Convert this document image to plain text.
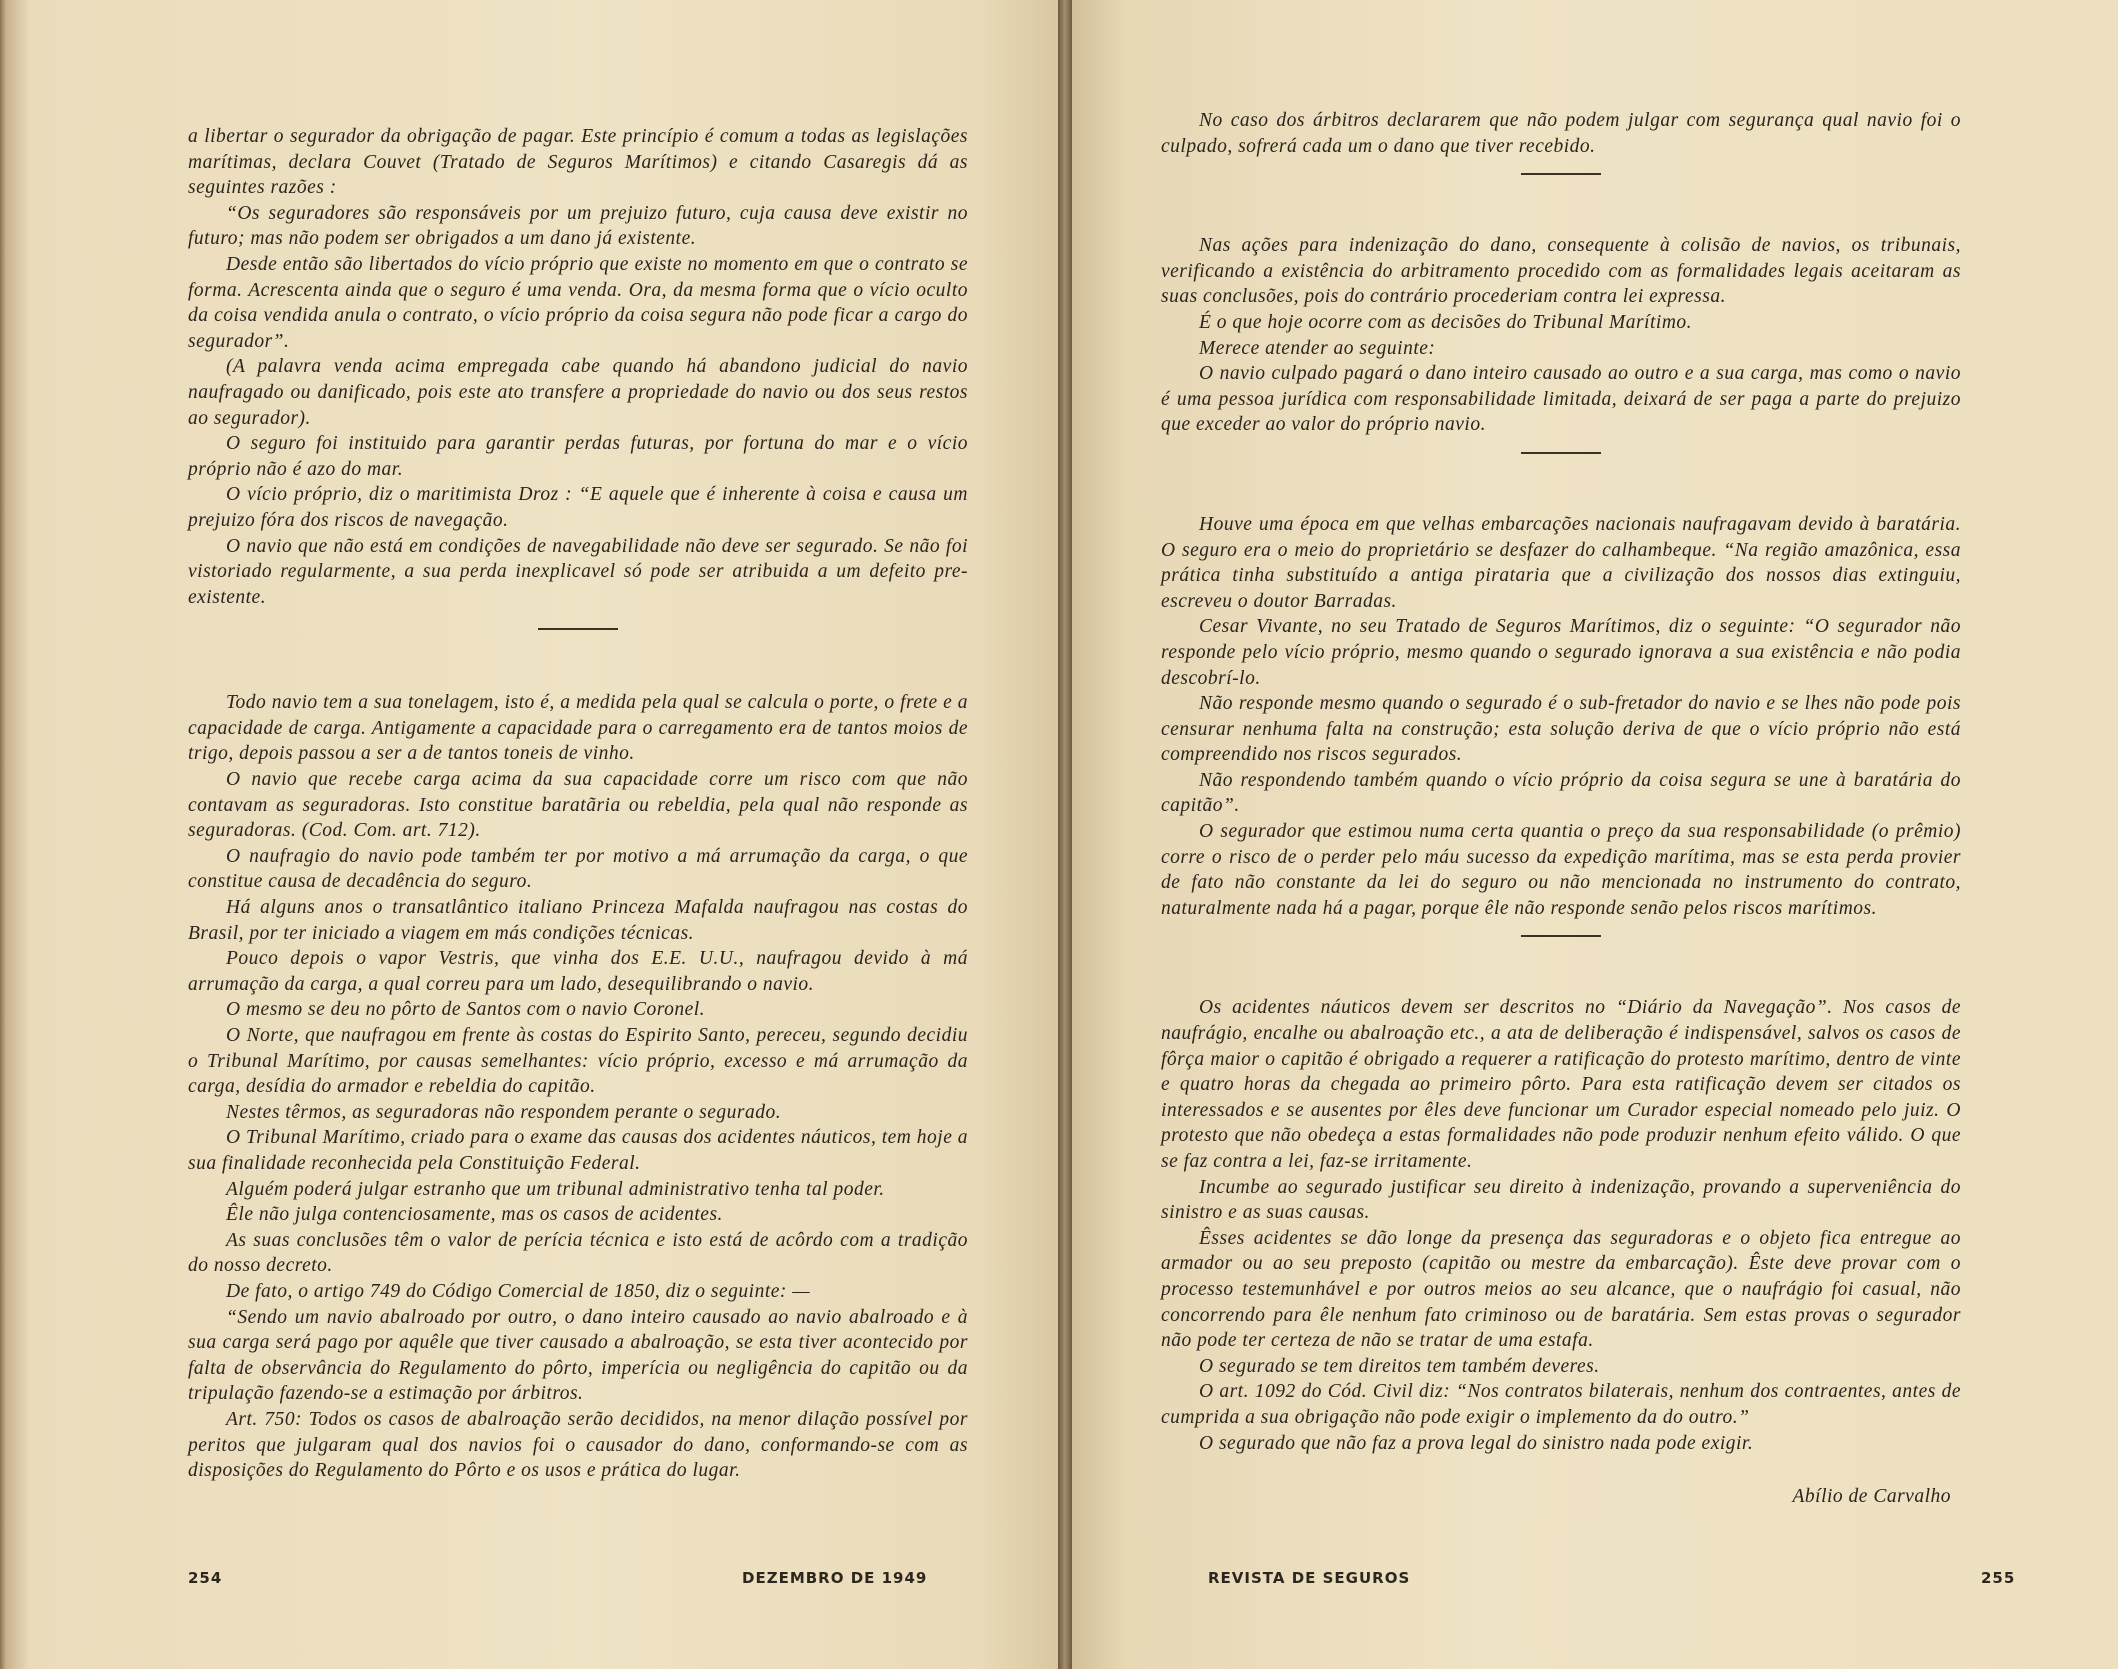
a libertar o segurador da obrigação de pagar. Este princípio é comum a todas as legislações marítimas, declara Couvet (Tratado de Seguros Marítimos) e citando Casaregis dá as seguintes razões :

“Os seguradores são responsáveis por um prejuizo futuro, cuja causa deve existir no futuro; mas não podem ser obrigados a um dano já existente.

Desde então são libertados do vício próprio que existe no momento em que o contrato se forma. Acrescenta ainda que o seguro é uma venda. Ora, da mesma forma que o vício oculto da coisa vendida anula o contrato, o vício próprio da coisa segura não pode ficar a cargo do segurador”.

(A palavra venda acima empregada cabe quando há abandono judicial do navio naufragado ou danificado, pois este ato transfere a propriedade do navio ou dos seus restos ao segurador).

O seguro foi instituido para garantir perdas futuras, por fortuna do mar e o vício próprio não é azo do mar.

O vício próprio, diz o maritimista Droz : “E aquele que é inherente à coisa e causa um prejuizo fóra dos riscos de navegação.

O navio que não está em condições de navegabilidade não deve ser segurado. Se não foi vistoriado regularmente, a sua perda inexplicavel só pode ser atribuida a um defeito pre-existente.

Todo navio tem a sua tonelagem, isto é, a medida pela qual se calcula o porte, o frete e a capacidade de carga. Antigamente a capacidade para o carregamento era de tantos moios de trigo, depois passou a ser a de tantos toneis de vinho.

O navio que recebe carga acima da sua capacidade corre um risco com que não contavam as seguradoras. Isto constitue baratãria ou rebeldia, pela qual não responde as seguradoras. (Cod. Com. art. 712).

O naufragio do navio pode também ter por motivo a má arrumação da carga, o que constitue causa de decadência do seguro.

Há alguns anos o transatlântico italiano Princeza Mafalda naufragou nas costas do Brasil, por ter iniciado a viagem em más condições técnicas.

Pouco depois o vapor Vestris, que vinha dos E.E. U.U., naufragou devido à má arrumação da carga, a qual correu para um lado, desequilibrando o navio.

O mesmo se deu no pôrto de Santos com o navio Coronel.

O Norte, que naufragou em frente às costas do Espirito Santo, pereceu, segundo decidiu o Tribunal Marítimo, por causas semelhantes: vício próprio, excesso e má arrumação da carga, desídia do armador e rebeldia do capitão.

Nestes têrmos, as seguradoras não respondem perante o segurado.

O Tribunal Marítimo, criado para o exame das causas dos acidentes náuticos, tem hoje a sua finalidade reconhecida pela Constituição Federal.

Alguém poderá julgar estranho que um tribunal administrativo tenha tal poder.

Êle não julga contenciosamente, mas os casos de acidentes.

As suas conclusões têm o valor de perícia técnica e isto está de acôrdo com a tradição do nosso decreto.

De fato, o artigo 749 do Código Comercial de 1850, diz o seguinte: —

“Sendo um navio abalroado por outro, o dano inteiro causado ao navio abalroado e à sua carga será pago por aquêle que tiver causado a abalroação, se esta tiver acontecido por falta de observância do Regulamento do pôrto, imperícia ou negligência do capitão ou da tripulação fazendo-se a estimação por árbitros.

Art. 750: Todos os casos de abalroação serão decididos, na menor dilação possível por peritos que julgaram qual dos navios foi o causador do dano, conformando-se com as disposições do Regulamento do Pôrto e os usos e prática do lugar.

254	DEZEMBRO DE 1949

No caso dos árbitros declararem que não podem julgar com segurança qual navio foi o culpado, sofrerá cada um o dano que tiver recebido.

Nas ações para indenização do dano, consequente à colisão de navios, os tribunais, verificando a existência do arbitramento procedido com as formalidades legais aceitaram as suas conclusões, pois do contrário procederiam contra lei expressa.

É o que hoje ocorre com as decisões do Tribunal Marítimo.

Merece atender ao seguinte:

O navio culpado pagará o dano inteiro causado ao outro e a sua carga, mas como o navio é uma pessoa jurídica com responsabilidade limitada, deixará de ser paga a parte do prejuizo que exceder ao valor do próprio navio.

Houve uma época em que velhas embarcações nacionais naufragavam devido à baratária. O seguro era o meio do proprietário se desfazer do calhambeque. “Na região amazônica, essa prática tinha substituído a antiga pirataria que a civilização dos nossos dias extinguiu, escreveu o doutor Barradas.

Cesar Vivante, no seu Tratado de Seguros Marítimos, diz o seguinte: “O segurador não responde pelo vício próprio, mesmo quando o segurado ignorava a sua existência e não podia descobrí-lo.

Não responde mesmo quando o segurado é o sub-fretador do navio e se lhes não pode pois censurar nenhuma falta na construção; esta solução deriva de que o vício próprio não está compreendido nos riscos segurados.

Não respondendo também quando o vício próprio da coisa segura se une à baratária do capitão”.

O segurador que estimou numa certa quantia o preço da sua responsabilidade (o prêmio) corre o risco de o perder pelo máu sucesso da expedição marítima, mas se esta perda provier de fato não constante da lei do seguro ou não mencionada no instrumento do contrato, naturalmente nada há a pagar, porque êle não responde senão pelos riscos marítimos.

Os acidentes náuticos devem ser descritos no “Diário da Navegação”. Nos casos de naufrágio, encalhe ou abalroação etc., a ata de deliberação é indispensável, salvos os casos de fôrça maior o capitão é obrigado a requerer a ratificação do protesto marítimo, dentro de vinte e quatro horas da chegada ao primeiro pôrto. Para esta ratificação devem ser citados os interessados e se ausentes por êles deve funcionar um Curador especial nomeado pelo juiz. O protesto que não obedeça a estas formalidades não pode produzir nenhum efeito válido. O que se faz contra a lei, faz-se irritamente.

Incumbe ao segurado justificar seu direito à indenização, provando a superveniência do sinistro e as suas causas.

Êsses acidentes se dão longe da presença das seguradoras e o objeto fica entregue ao armador ou ao seu preposto (capitão ou mestre da embarcação). Êste deve provar com o processo testemunhável e por outros meios ao seu alcance, que o naufrágio foi casual, não concorrendo para êle nenhum fato criminoso ou de baratária. Sem estas provas o segurador não pode ter certeza de não se tratar de uma estafa.

O segurado se tem direitos tem também deveres.

O art. 1092 do Cód. Civil diz: “Nos contratos bilaterais, nenhum dos contraentes, antes de cumprida a sua obrigação não pode exigir o implemento da do outro.”

O segurado que não faz a prova legal do sinistro nada pode exigir.

Abílio de Carvalho

REVISTA DE SEGUROS	255
